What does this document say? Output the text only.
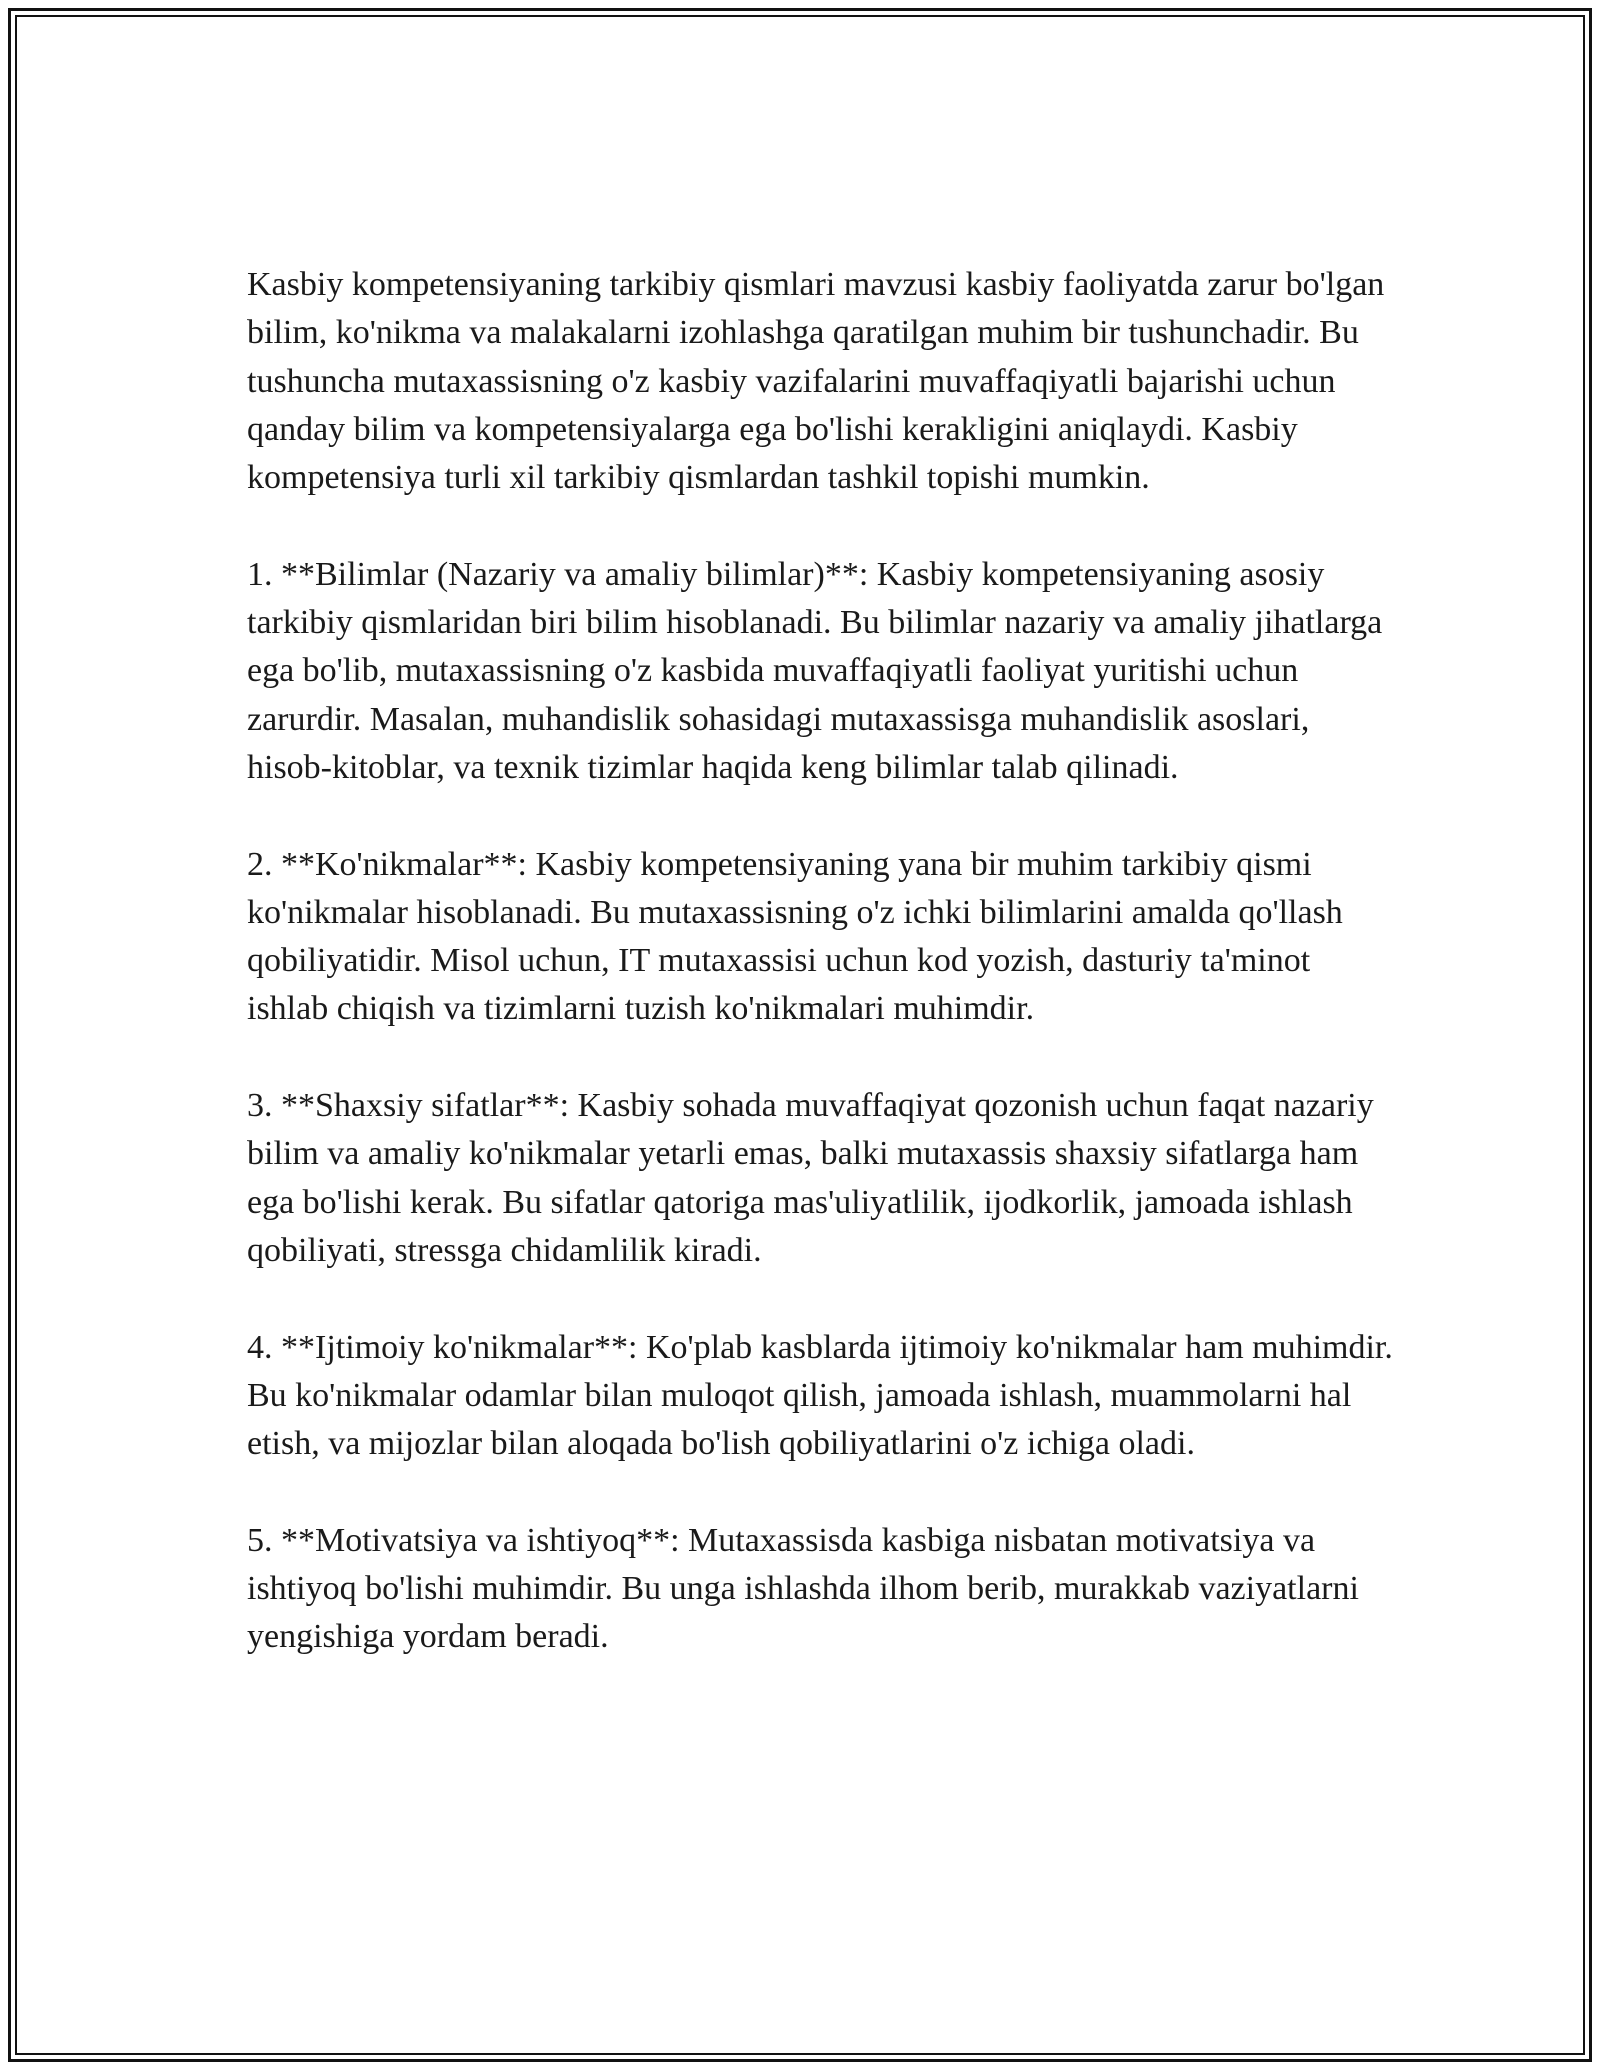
Kasbiy kompetensiyaning tarkibiy qismlari mavzusi kasbiy faoliyatda zarur bo'lgan bilim, ko'nikma va malakalarni izohlashga qaratilgan muhim bir tushunchadir. Bu tushuncha mutaxassisning o'z kasbiy vazifalarini muvaffaqiyatli bajarishi uchun qanday bilim va kompetensiyalarga ega bo'lishi kerakligini aniqlaydi. Kasbiy kompetensiya turli xil tarkibiy qismlardan tashkil topishi mumkin.

1. **Bilimlar (Nazariy va amaliy bilimlar)**: Kasbiy kompetensiyaning asosiy tarkibiy qismlaridan biri bilim hisoblanadi. Bu bilimlar nazariy va amaliy jihatlarga ega bo'lib, mutaxassisning o'z kasbida muvaffaqiyatli faoliyat yuritishi uchun zarurdir. Masalan, muhandislik sohasidagi mutaxassisga muhandislik asoslari, hisob-kitoblar, va texnik tizimlar haqida keng bilimlar talab qilinadi.

2. **Ko'nikmalar**: Kasbiy kompetensiyaning yana bir muhim tarkibiy qismi ko'nikmalar hisoblanadi. Bu mutaxassisning o'z ichki bilimlarini amalda qo'llash qobiliyatidir. Misol uchun, IT mutaxassisi uchun kod yozish, dasturiy ta'minot ishlab chiqish va tizimlarni tuzish ko'nikmalari muhimdir.

3. **Shaxsiy sifatlar**: Kasbiy sohada muvaffaqiyat qozonish uchun faqat nazariy bilim va amaliy ko'nikmalar yetarli emas, balki mutaxassis shaxsiy sifatlarga ham ega bo'lishi kerak. Bu sifatlar qatoriga mas'uliyatlilik, ijodkorlik, jamoada ishlash qobiliyati, stressga chidamlilik kiradi.

4. **Ijtimoiy ko'nikmalar**: Ko'plab kasblarda ijtimoiy ko'nikmalar ham muhimdir. Bu ko'nikmalar odamlar bilan muloqot qilish, jamoada ishlash, muammolarni hal etish, va mijozlar bilan aloqada bo'lish qobiliyatlarini o'z ichiga oladi.

5. **Motivatsiya va ishtiyoq**: Mutaxassisda kasbiga nisbatan motivatsiya va ishtiyoq bo'lishi muhimdir. Bu unga ishlashda ilhom berib, murakkab vaziyatlarni yengishiga yordam beradi.
